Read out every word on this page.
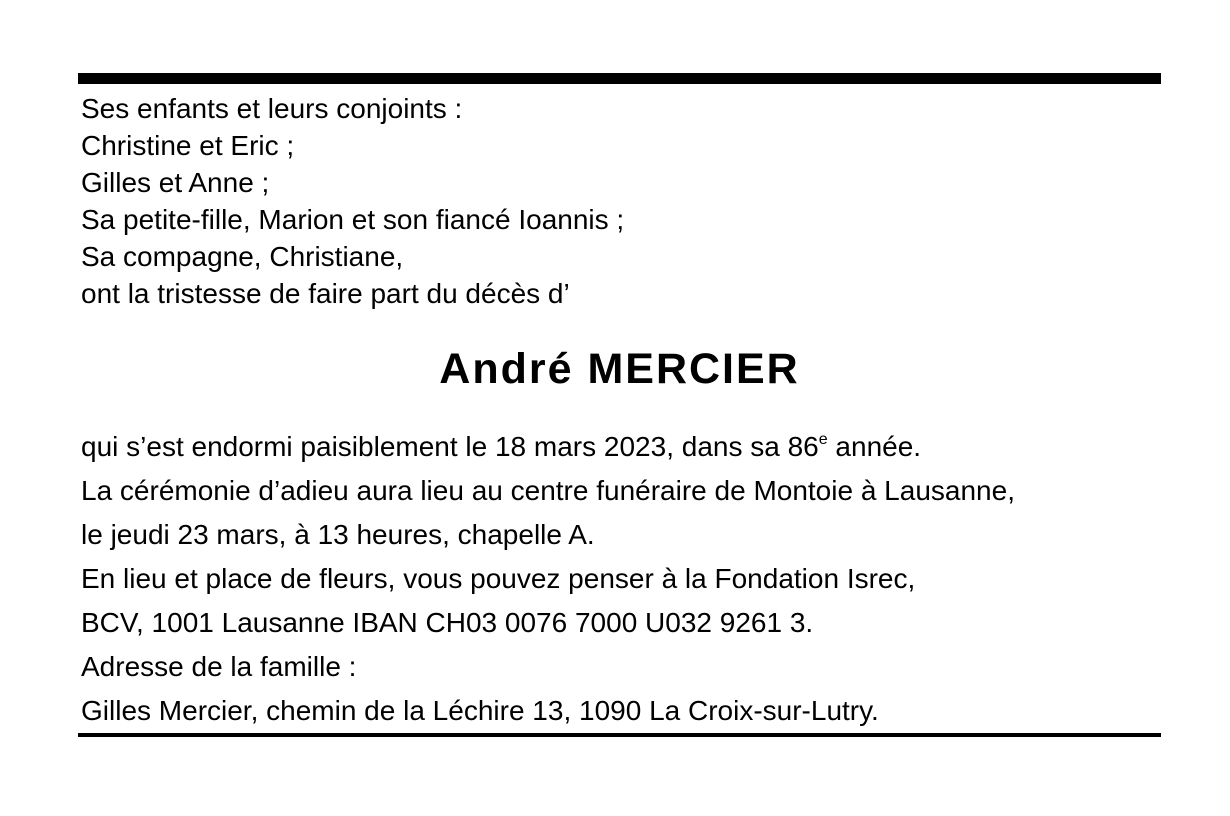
Ses enfants et leurs conjoints :
Christine et Eric ;
Gilles et Anne ;
Sa petite-fille, Marion et son fiancé Ioannis ;
Sa compagne, Christiane,
ont la tristesse de faire part du décès d’
André MERCIER
qui s’est endormi paisiblement le 18 mars 2023, dans sa 86e année.
La cérémonie d’adieu aura lieu au centre funéraire de Montoie à Lausanne,
le jeudi 23 mars, à 13 heures, chapelle A.
En lieu et place de fleurs, vous pouvez penser à la Fondation Isrec,
BCV, 1001 Lausanne IBAN CH03 0076 7000 U032 9261 3.
Adresse de la famille :
Gilles Mercier, chemin de la Léchire 13, 1090 La Croix-sur-Lutry.
